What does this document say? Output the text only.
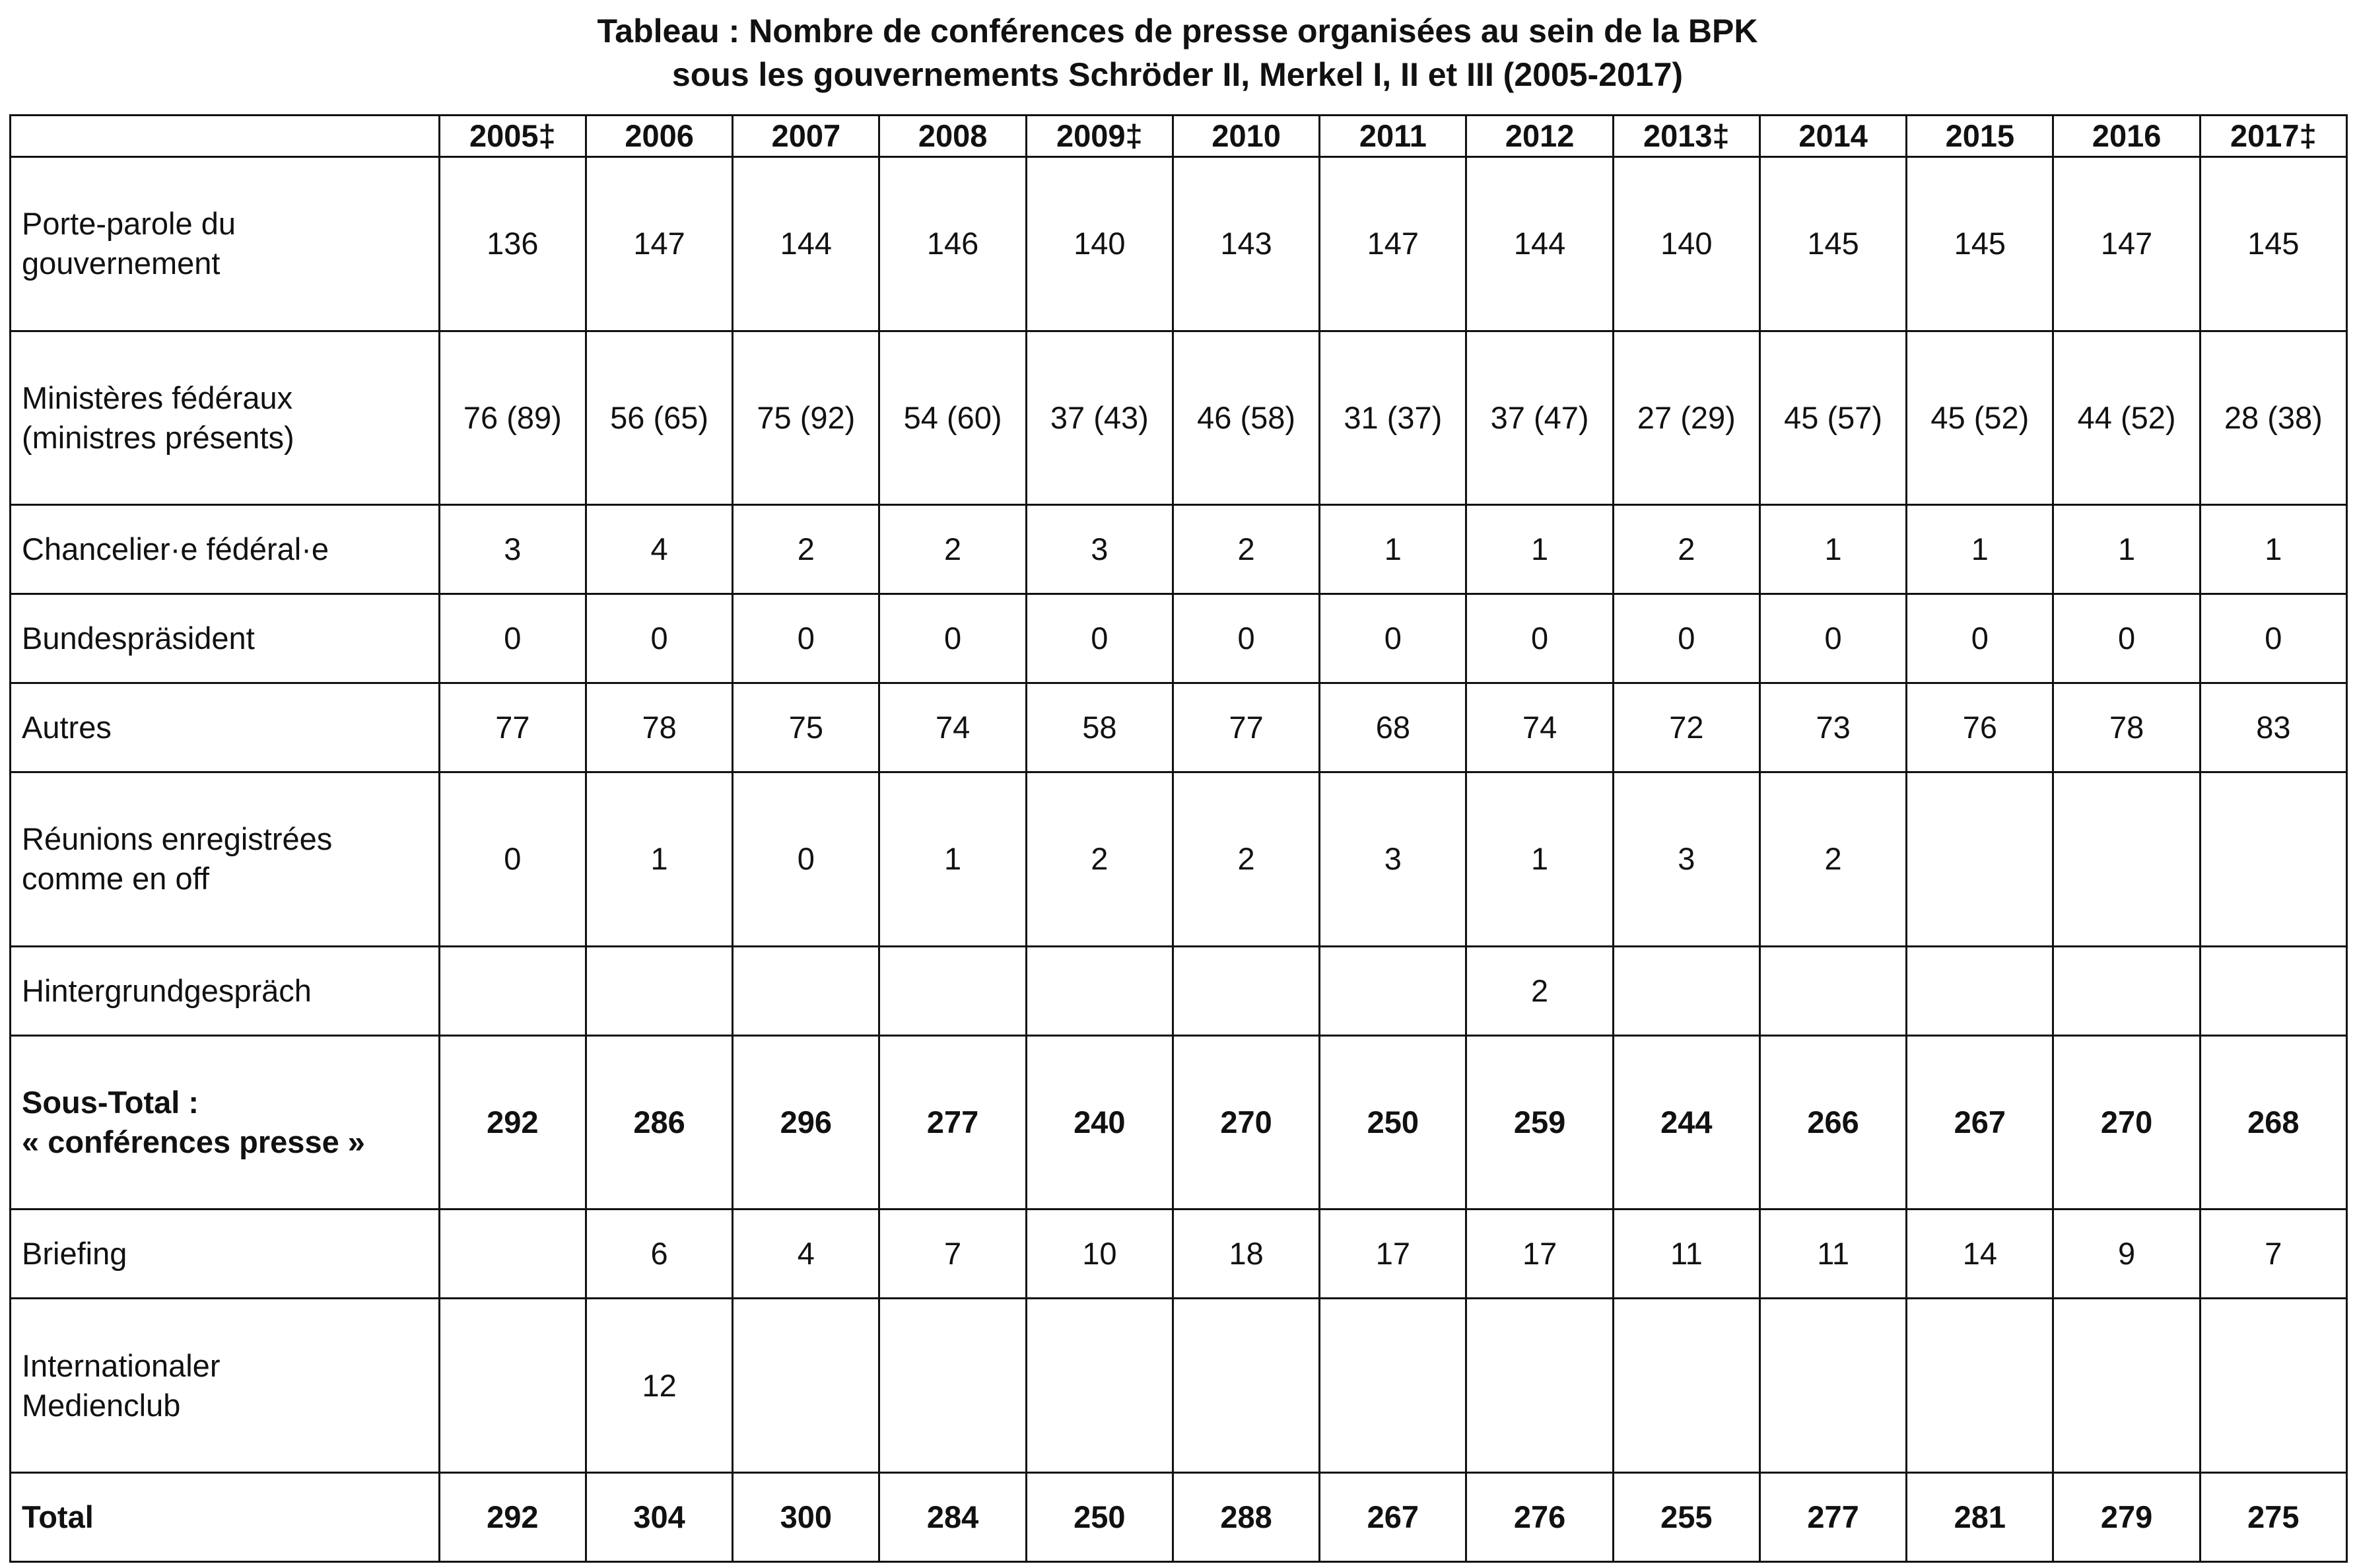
Tableau : Nombre de conférences de presse organisées au sein de la BPK
sous les gouvernements Schröder II, Merkel I, II et III (2005-2017)
	2005‡	2006	2007	2008	2009‡	2010	2011	2012	2013‡	2014	2015	2016	2017‡
Porte-parole du
gouvernement	136	147	144	146	140	143	147	144	140	145	145	147	145
Ministères fédéraux
(ministres présents)	76 (89)	56 (65)	75 (92)	54 (60)	37 (43)	46 (58)	31 (37)	37 (47)	27 (29)	45 (57)	45 (52)	44 (52)	28 (38)
Chancelier·e fédéral·e	3	4	2	2	3	2	1	1	2	1	1	1	1
Bundespräsident	0	0	0	0	0	0	0	0	0	0	0	0	0
Autres	77	78	75	74	58	77	68	74	72	73	76	78	83
Réunions enregistrées
comme en off	0	1	0	1	2	2	3	1	3	2			
Hintergrundgespräch								2					
Sous-Total :
« conférences presse »	292	286	296	277	240	270	250	259	244	266	267	270	268
Briefing		6	4	7	10	18	17	17	11	11	14	9	7
Internationaler
Medienclub		12											
Total	292	304	300	284	250	288	267	276	255	277	281	279	275
